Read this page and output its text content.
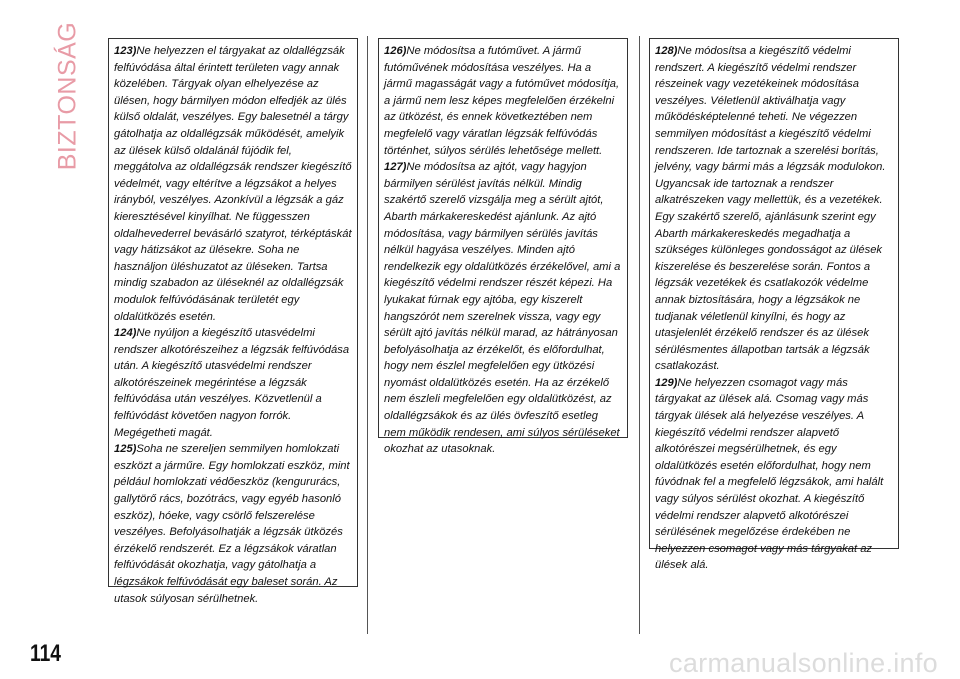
BIZTONSÁG	123)Ne helyezzen el tárgyakat az oldallégzsák felfúvódása által érintett területen vagy annak közelében. Tárgyak olyan elhelyezése az ülésen, hogy bármilyen módon elfedjék az ülés külső oldalát, veszélyes. Egy balesetnél a tárgy gátolhatja az oldallégzsák működését, amelyik az ülések külső oldalánál fújódik fel, meggátolva az oldallégzsák rendszer kiegészítő védelmét, vagy eltérítve a légzsákot a helyes irányból, veszélyes. Azonkívül a légzsák a gáz kieresztésével kinyílhat. Ne függesszen oldalhevederrel bevásárló szatyrot, térképtáskát vagy hátizsákot az ülésekre. Soha ne használjon üléshuzatot az üléseken. Tartsa mindig szabadon az üléseknél az oldallégzsák modulok felfúvódásának területét egy oldalütközés esetén.

124)Ne nyúljon a kiegészítő utasvédelmi rendszer alkotórészeihez a légzsák felfúvódása után. A kiegészítő utasvédelmi rendszer alkotórészeinek megérintése a légzsák felfúvódása után veszélyes. Közvetlenül a felfúvódást követően nagyon forrók. Megégetheti magát.

125)Soha ne szereljen semmilyen homlokzati eszközt a járműre. Egy homlokzati eszköz, mint például homlokzati védőeszköz (kengururács, gallytörő rács, bozótrács, vagy egyéb hasonló eszköz), hóeke, vagy csörlő felszerelése veszélyes. Befolyásolhatják a légzsák ütközés érzékelő rendszerét. Ez a légzsákok váratlan felfúvódását okozhatja, vagy gátolhatja a légzsákok felfúvódását egy baleset során. Az utasok súlyosan sérülhetnek.

126)Ne módosítsa a futóművet. A jármű futóművének módosítása veszélyes. Ha a jármű magasságát vagy a futóművet módosítja, a jármű nem lesz képes megfelelően érzékelni az ütközést, és ennek következtében nem megfelelő vagy váratlan légzsák felfúvódás történhet, súlyos sérülés lehetősége mellett.

127)Ne módosítsa az ajtót, vagy hagyjon bármilyen sérülést javítás nélkül. Mindig szakértő szerelő vizsgálja meg a sérült ajtót, Abarth márkakereskedést ajánlunk. Az ajtó módosítása, vagy bármilyen sérülés javítás nélkül hagyása veszélyes. Minden ajtó rendelkezik egy oldalütközés érzékelővel, ami a kiegészítő védelmi rendszer részét képezi. Ha lyukakat fúrnak egy ajtóba, egy kiszerelt hangszórót nem szerelnek vissza, vagy egy sérült ajtó javítás nélkül marad, az hátrányosan befolyásolhatja az érzékelőt, és előfordulhat, hogy nem észlel megfelelően egy ütközési nyomást oldalütközés esetén. Ha az érzékelő nem észleli megfelelően egy oldalütközést, az oldallégzsákok és az ülés övfeszítő esetleg nem működik rendesen, ami súlyos sérüléseket okozhat az utasoknak.

128)Ne módosítsa a kiegészítő védelmi rendszert. A kiegészítő védelmi rendszer részeinek vagy vezetékeinek módosítása veszélyes. Véletlenül aktiválhatja vagy működésképtelenné teheti. Ne végezzen semmilyen módosítást a kiegészítő védelmi rendszeren. Ide tartoznak a szerelési borítás, jelvény, vagy bármi más a légzsák modulokon. Ugyancsak ide tartoznak a rendszer alkatrészeken vagy mellettük, és a vezetékek. Egy szakértő szerelő, ajánlásunk szerint egy Abarth márkakereskedés megadhatja a szükséges különleges gondosságot az ülések kiszerelése és beszerelése során. Fontos a légzsák vezetékek és csatlakozók védelme annak biztosítására, hogy a légzsákok ne tudjanak véletlenül kinyílni, és hogy az utasjelenlét érzékelő rendszer és az ülések sérülésmentes állapotban tartsák a légzsák csatlakozást.

129)Ne helyezzen csomagot vagy más tárgyakat az ülések alá. Csomag vagy más tárgyak ülések alá helyezése veszélyes. A kiegészítő védelmi rendszer alapvető alkotórészei megsérülhetnek, és egy oldalütközés esetén előfordulhat, hogy nem fúvódnak fel a megfelelő légzsákok, ami halált vagy súlyos sérülést okozhat. A kiegészítő védelmi rendszer alapvető alkotórészei sérülésének megelőzése érdekében ne helyezzen csomagot vagy más tárgyakat az ülések alá.

114	carmanualsonline.info
